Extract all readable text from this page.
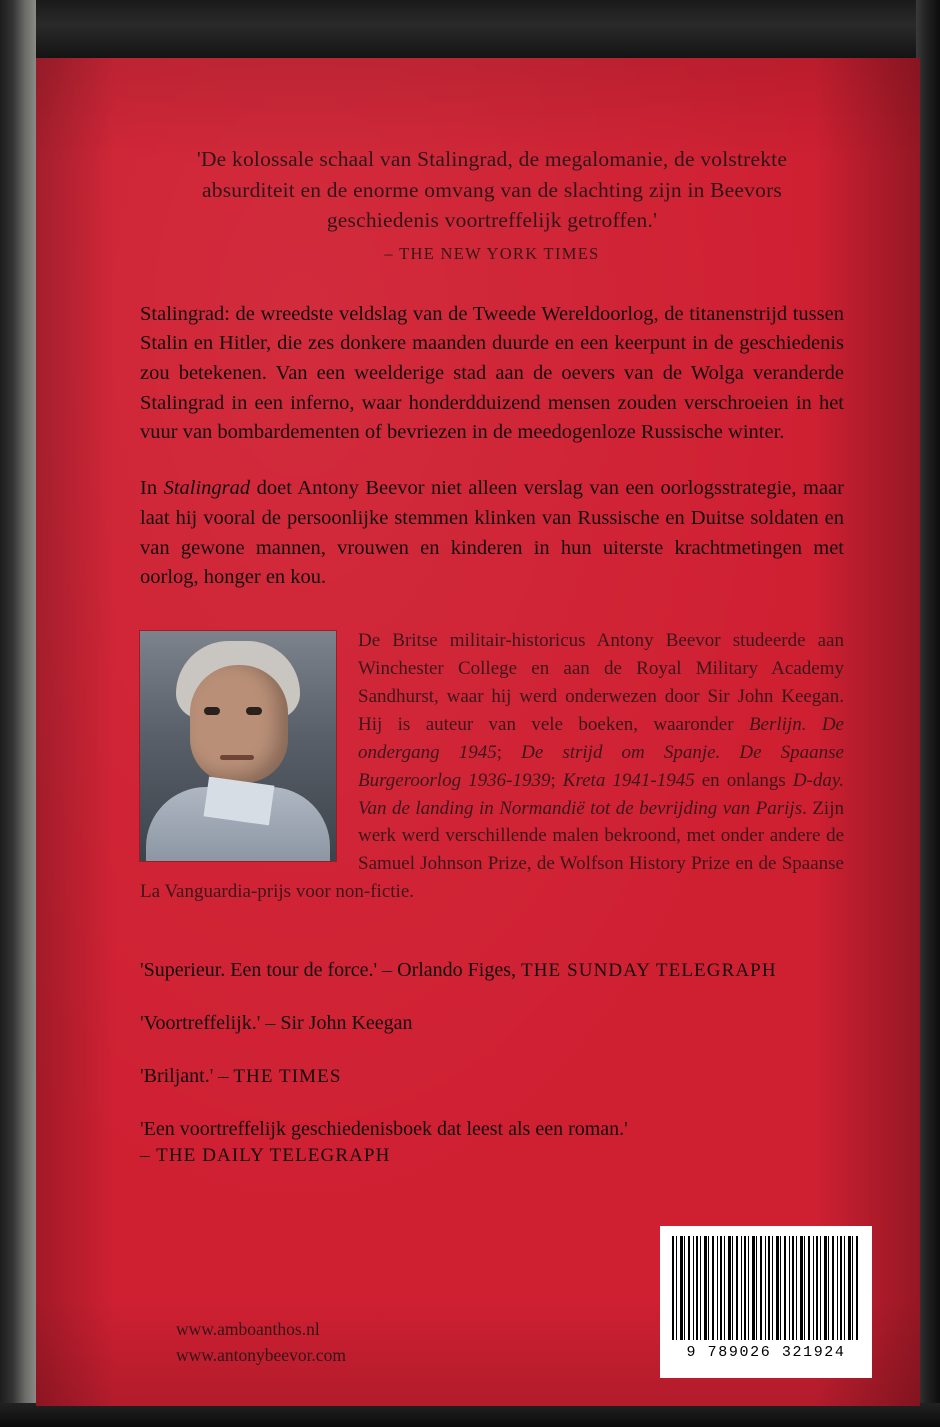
'De kolossale schaal van Stalingrad, de megalomanie, de volstrekte absurditeit en de enorme omvang van de slachting zijn in Beevors geschiedenis voortreffelijk getroffen.'
– THE NEW YORK TIMES

Stalingrad: de wreedste veldslag van de Tweede Wereldoorlog, de titanenstrijd tussen Stalin en Hitler, die zes donkere maanden duurde en een keerpunt in de geschiedenis zou betekenen. Van een weelderige stad aan de oevers van de Wolga veranderde Stalingrad in een inferno, waar honderdduizend mensen zouden verschroeien in het vuur van bombardementen of bevriezen in de meedogenloze Russische winter.

In Stalingrad doet Antony Beevor niet alleen verslag van een oorlogsstrategie, maar laat hij vooral de persoonlijke stemmen klinken van Russische en Duitse soldaten en van gewone mannen, vrouwen en kinderen in hun uiterste krachtmetingen met oorlog, honger en kou.

De Britse militair-historicus Antony Beevor studeerde aan Winchester College en aan de Royal Military Academy Sandhurst, waar hij werd onderwezen door Sir John Keegan. Hij is auteur van vele boeken, waaronder Berlijn. De ondergang 1945; De strijd om Spanje. De Spaanse Burgeroorlog 1936-1939; Kreta 1941-1945 en onlangs D-day. Van de landing in Normandië tot de bevrijding van Parijs. Zijn werk werd verschillende malen bekroond, met onder andere de Samuel Johnson Prize, de Wolfson History Prize en de Spaanse La Vanguardia-prijs voor non-fictie.
'Superieur. Een tour de force.' – Orlando Figes, THE SUNDAY TELEGRAPH
'Voortreffelijk.' – Sir John Keegan
'Briljant.' – THE TIMES
'Een voortreffelijk geschiedenisboek dat leest als een roman.'
– THE DAILY TELEGRAPH
www.amboanthos.nl
www.antonybeevor.com	9 789026 321924
